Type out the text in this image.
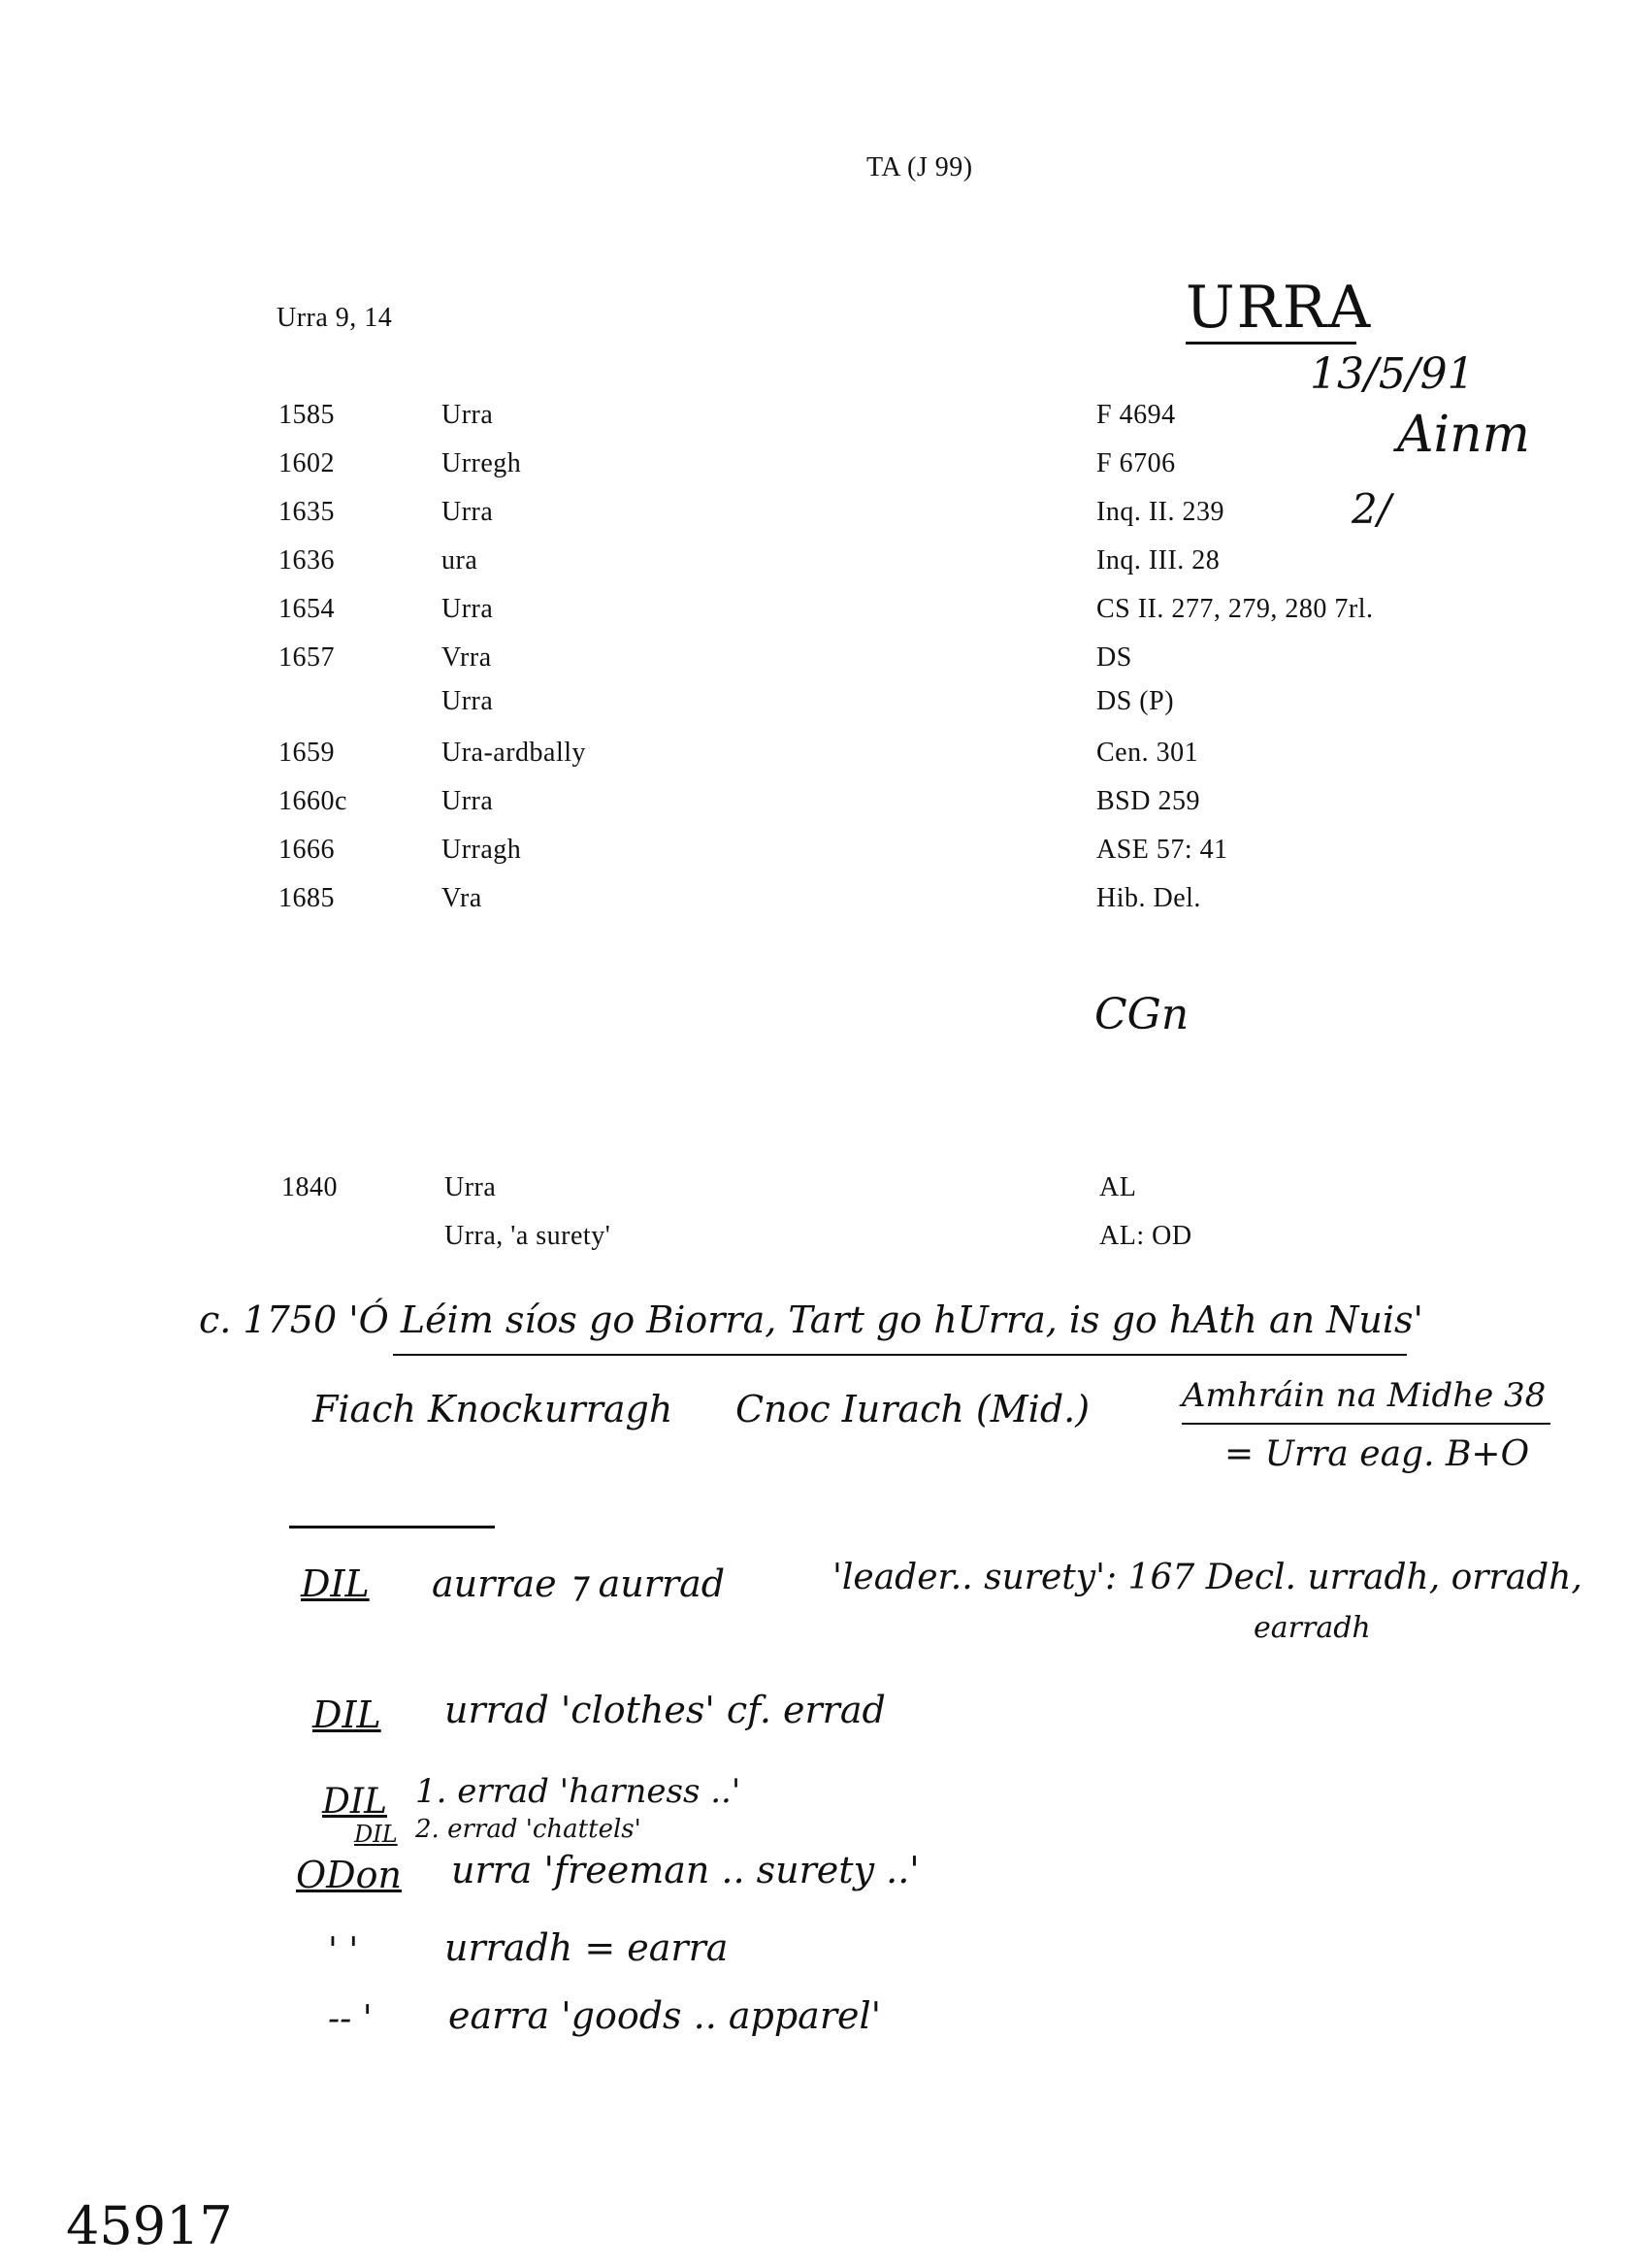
TA (J 99)
Urra 9, 14	URRA
13/5/91
Ainm
2/
1585	Urra	F 4694
1602	Urregh	F 6706
1635	Urra	Inq. II. 239
1636	ura	Inq. III. 28
1654	Urra	CS II. 277, 279, 280 7rl.
1657	Vrra	DS
Urra	DS (P)
1659	Ura-ardbally	Cen. 301
1660c	Urra	BSD 259
1666	Urragh	ASE 57: 41
1685	Vra	Hib. Del.
CGn
1840	Urra	AL
Urra, 'a surety'	AL: OD
c. 1750 'Ó Léim síos go Biorra, Tart go hUrra, is go hAth an Nuis'
Fiach Knockurragh Cnoc Iurach (Mid.)	Amhráin na Midhe 38
= Urra eag. B+O
DIL aurrae ⁊ aurrad	'leader.. surety': 167 Decl. urradh, orradh,
earradh
DIL urrad 'clothes' cf. errad
DIL 1. errad 'harness ..'
DIL 2. errad 'chattels'
ODon urra 'freeman .. surety ..'
' ' urradh = earra
-- ' earra 'goods .. apparel'
45917
